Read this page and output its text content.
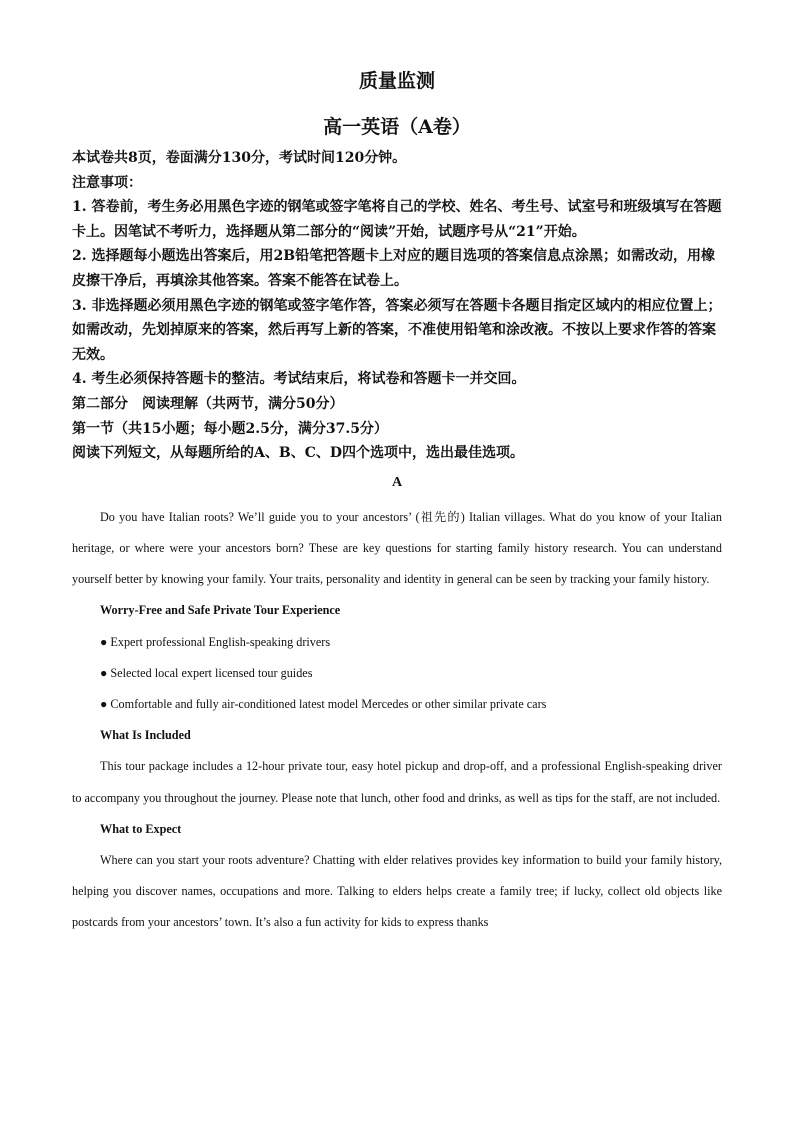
质量监测
高一英语（A卷）

本试卷共8页，卷面满分130分，考试时间120分钟。

注意事项：

1. 答卷前，考生务必用黑色字迹的钢笔或签字笔将自己的学校、姓名、考生号、试室号和班级填写在答题卡上。因笔试不考听力，选择题从第二部分的“阅读”开始，试题序号从“21”开始。

2. 选择题每小题选出答案后，用2B铅笔把答题卡上对应的题目选项的答案信息点涂黑；如需改动，用橡皮擦干净后，再填涂其他答案。答案不能答在试卷上。

3. 非选择题必须用黑色字迹的钢笔或签字笔作答，答案必须写在答题卡各题目指定区域内的相应位置上；如需改动，先划掉原来的答案，然后再写上新的答案，不准使用铅笔和涂改液。不按以上要求作答的答案无效。

4. 考生必须保持答题卡的整洁。考试结束后，将试卷和答题卡一并交回。

第二部分　阅读理解（共两节，满分50分）

第一节（共15小题；每小题2.5分，满分37.5分）

阅读下列短文，从每题所给的A、B、C、D四个选项中，选出最佳选项。

A

Do you have Italian roots? We’ll guide you to your ancestors’ (祖先的) Italian villages. What do you know of your Italian heritage, or where were your ancestors born? These are key questions for starting family history research. You can understand yourself better by knowing your family. Your traits, personality and identity in general can be seen by tracking your family history.

Worry-Free and Safe Private Tour Experience

● Expert professional English-speaking drivers

● Selected local expert licensed tour guides

● Comfortable and fully air-conditioned latest model Mercedes or other similar private cars

What Is Included

This tour package includes a 12-hour private tour, easy hotel pickup and drop-off, and a professional English-speaking driver to accompany you throughout the journey. Please note that lunch, other food and drinks, as well as tips for the staff, are not included.

What to Expect

Where can you start your roots adventure? Chatting with elder relatives provides key information to build your family history, helping you discover names, occupations and more. Talking to elders helps create a family tree; if lucky, collect old objects like postcards from your ancestors’ town. It’s also a fun activity for kids to express thanks
